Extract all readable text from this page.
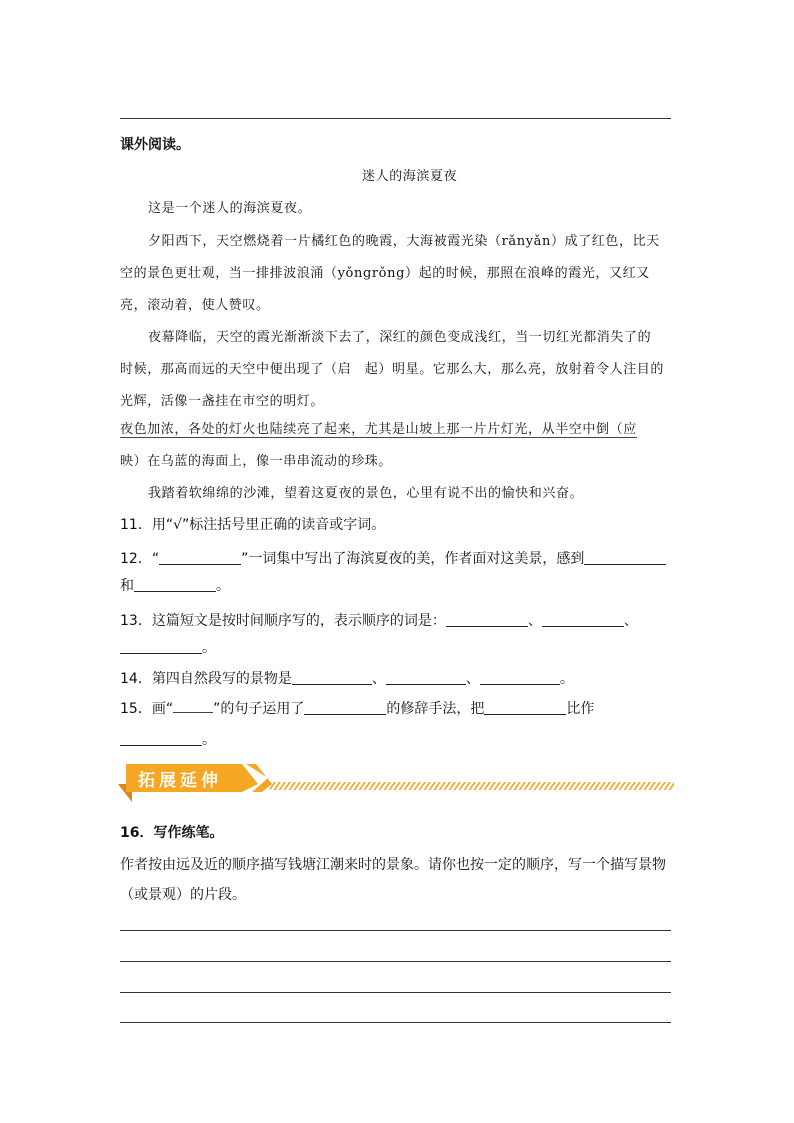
课外阅读。
迷人的海滨夏夜
这是一个迷人的海滨夏夜。
夕阳西下，天空燃烧着一片橘红色的晚霞，大海被霞光染（rǎnyǎn）成了红色，比天
空的景色更壮观，当一排排波浪涌（yǒngrǒng）起的时候，那照在浪峰的霞光，又红又
亮，滚动着，使人赞叹。
夜幕降临，天空的霞光渐渐淡下去了，深红的颜色变成浅红，当一切红光都消失了的
时候，那高而远的天空中便出现了（启　起）明星。它那么大，那么亮，放射着令人注目的
光辉，活像一盏挂在市空的明灯。
夜色加浓，各处的灯火也陆续亮了起来，尤其是山坡上那一片片灯光，从半空中倒（应
映）在乌蓝的海面上，像一串串流动的珍珠。
我踏着软绵绵的沙滩，望着这夏夜的景色，心里有说不出的愉快和兴奋。
11．用“√”标注括号里正确的读音或字词。
12．“	”一词集中写出了海滨夏夜的美，作者面对这美景，感到
和	。
13．这篇短文是按时间顺序写的，表示顺序的词是：	、	、
。
14．第四自然段写的景物是	、	、	。
15．画“	”的句子运用了	的修辞手法，把	比作
。
拓展延伸
16．写作练笔。
作者按由远及近的顺序描写钱塘江潮来时的景象。请你也按一定的顺序，写一个描写景物
（或景观）的片段。
